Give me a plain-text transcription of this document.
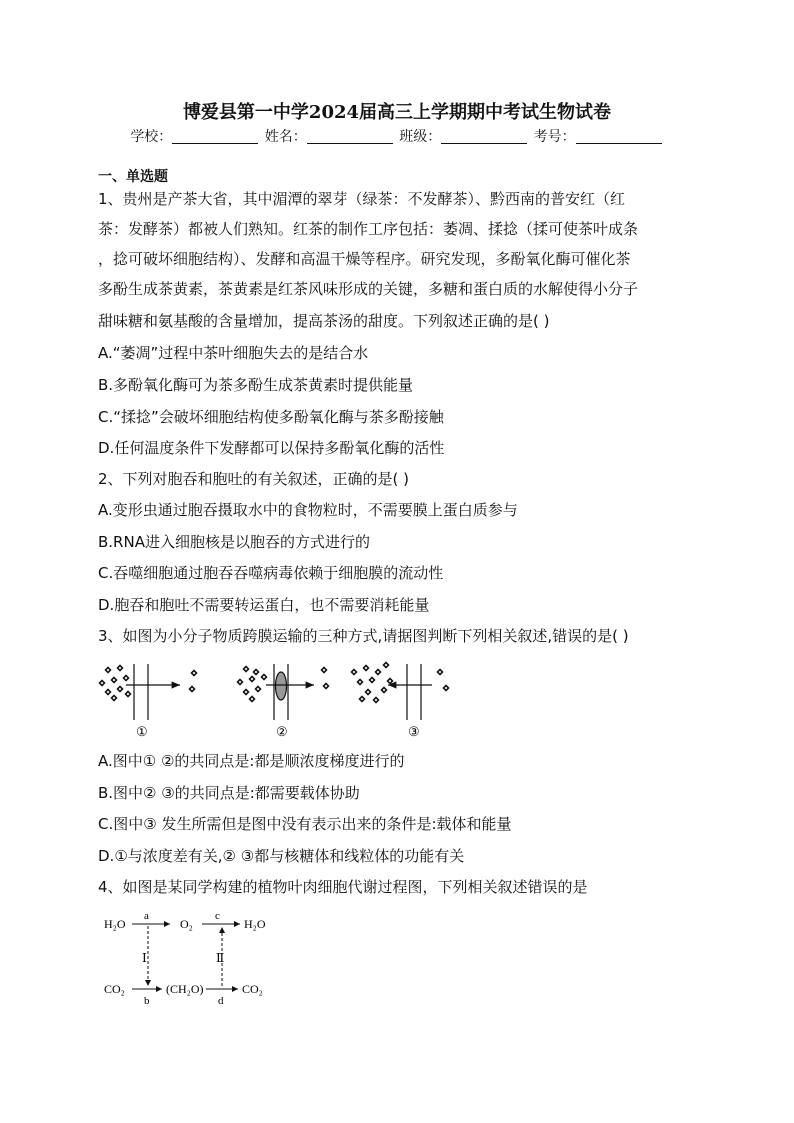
博爱县第一中学2024届高三上学期期中考试生物试卷
学校：	姓名：	班级：	考号：
一、单选题
1、贵州是产茶大省，其中湄潭的翠芽（绿茶：不发酵茶）、黔西南的普安红（红
茶：发酵茶）都被人们熟知。红茶的制作工序包括：萎凋、揉捻（揉可使茶叶成条
，捻可破坏细胞结构）、发酵和高温干燥等程序。研究发现，多酚氧化酶可催化茶
多酚生成茶黄素，茶黄素是红茶风味形成的关键，多糖和蛋白质的水解使得小分子
甜味糖和氨基酸的含量增加，提高茶汤的甜度。下列叙述正确的是( )
A.“萎凋”过程中茶叶细胞失去的是结合水
B.多酚氧化酶可为茶多酚生成茶黄素时提供能量
C.“揉捻”会破坏细胞结构使多酚氧化酶与茶多酚接触
D.任何温度条件下发酵都可以保持多酚氧化酶的活性
2、下列对胞吞和胞吐的有关叙述，正确的是( )
A.变形虫通过胞吞摄取水中的食物粒时，不需要膜上蛋白质参与
B.RNA进入细胞核是以胞吞的方式进行的
C.吞噬细胞通过胞吞吞噬病毒依赖于细胞膜的流动性
D.胞吞和胞吐不需要转运蛋白，也不需要消耗能量
3、如图为小分子物质跨膜运输的三种方式,请据图判断下列相关叙述,错误的是( )
①	②	③
A.图中① ②的共同点是:都是顺浓度梯度进行的
B.图中② ③的共同点是:都需要载体协助
C.图中③ 发生所需但是图中没有表示出来的条件是:载体和能量
D.①与浓度差有关,② ③都与核糖体和线粒体的功能有关
4、如图是某同学构建的植物叶肉细胞代谢过程图，下列相关叙述错误的是
H₂O
a
O₂
c
H₂O
Ⅰ	Ⅱ
CO₂
b
(CH₂O)
d
CO₂
